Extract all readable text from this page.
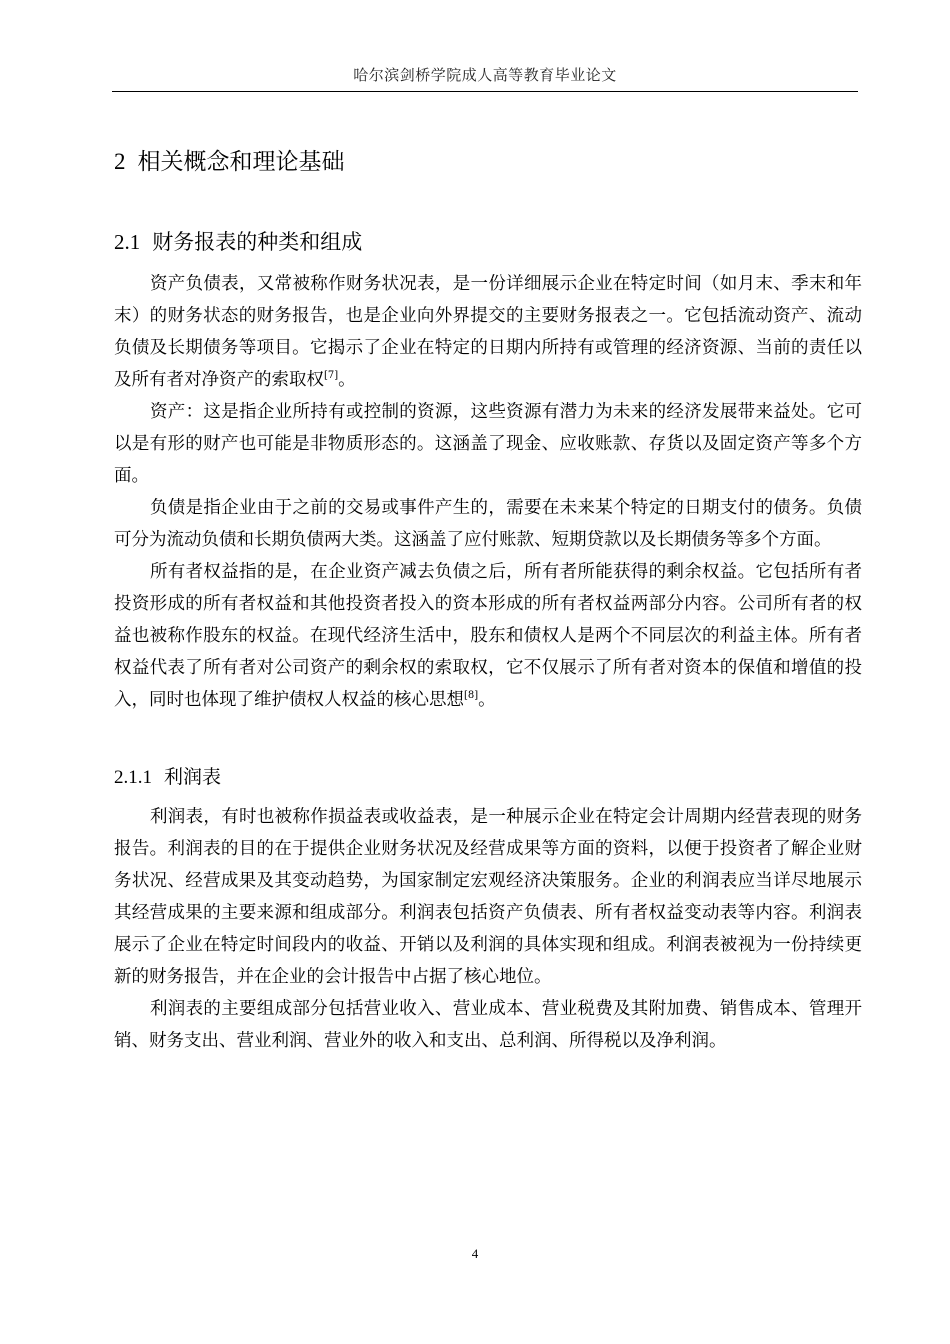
哈尔滨剑桥学院成人高等教育毕业论文
2 相关概念和理论基础
2.1 财务报表的种类和组成

资产负债表，又常被称作财务状况表，是一份详细展示企业在特定时间（如月末、季末和年末）的财务状态的财务报告，也是企业向外界提交的主要财务报表之一。它包括流动资产、流动负债及长期债务等项目。它揭示了企业在特定的日期内所持有或管理的经济资源、当前的责任以及所有者对净资产的索取权[7]。

资产：这是指企业所持有或控制的资源，这些资源有潜力为未来的经济发展带来益处。它可以是有形的财产也可能是非物质形态的。这涵盖了现金、应收账款、存货以及固定资产等多个方面。

负债是指企业由于之前的交易或事件产生的，需要在未来某个特定的日期支付的债务。负债可分为流动负债和长期负债两大类。这涵盖了应付账款、短期贷款以及长期债务等多个方面。

所有者权益指的是，在企业资产减去负债之后，所有者所能获得的剩余权益。它包括所有者投资形成的所有者权益和其他投资者投入的资本形成的所有者权益两部分内容。公司所有者的权益也被称作股东的权益。在现代经济生活中，股东和债权人是两个不同层次的利益主体。所有者权益代表了所有者对公司资产的剩余权的索取权，它不仅展示了所有者对资本的保值和增值的投入，同时也体现了维护债权人权益的核心思想[8]。

2.1.1 利润表

利润表，有时也被称作损益表或收益表，是一种展示企业在特定会计周期内经营表现的财务报告。利润表的目的在于提供企业财务状况及经营成果等方面的资料，以便于投资者了解企业财务状况、经营成果及其变动趋势，为国家制定宏观经济决策服务。企业的利润表应当详尽地展示其经营成果的主要来源和组成部分。利润表包括资产负债表、所有者权益变动表等内容。利润表展示了企业在特定时间段内的收益、开销以及利润的具体实现和组成。利润表被视为一份持续更新的财务报告，并在企业的会计报告中占据了核心地位。

利润表的主要组成部分包括营业收入、营业成本、营业税费及其附加费、销售成本、管理开销、财务支出、营业利润、营业外的收入和支出、总利润、所得税以及净利润。

4
